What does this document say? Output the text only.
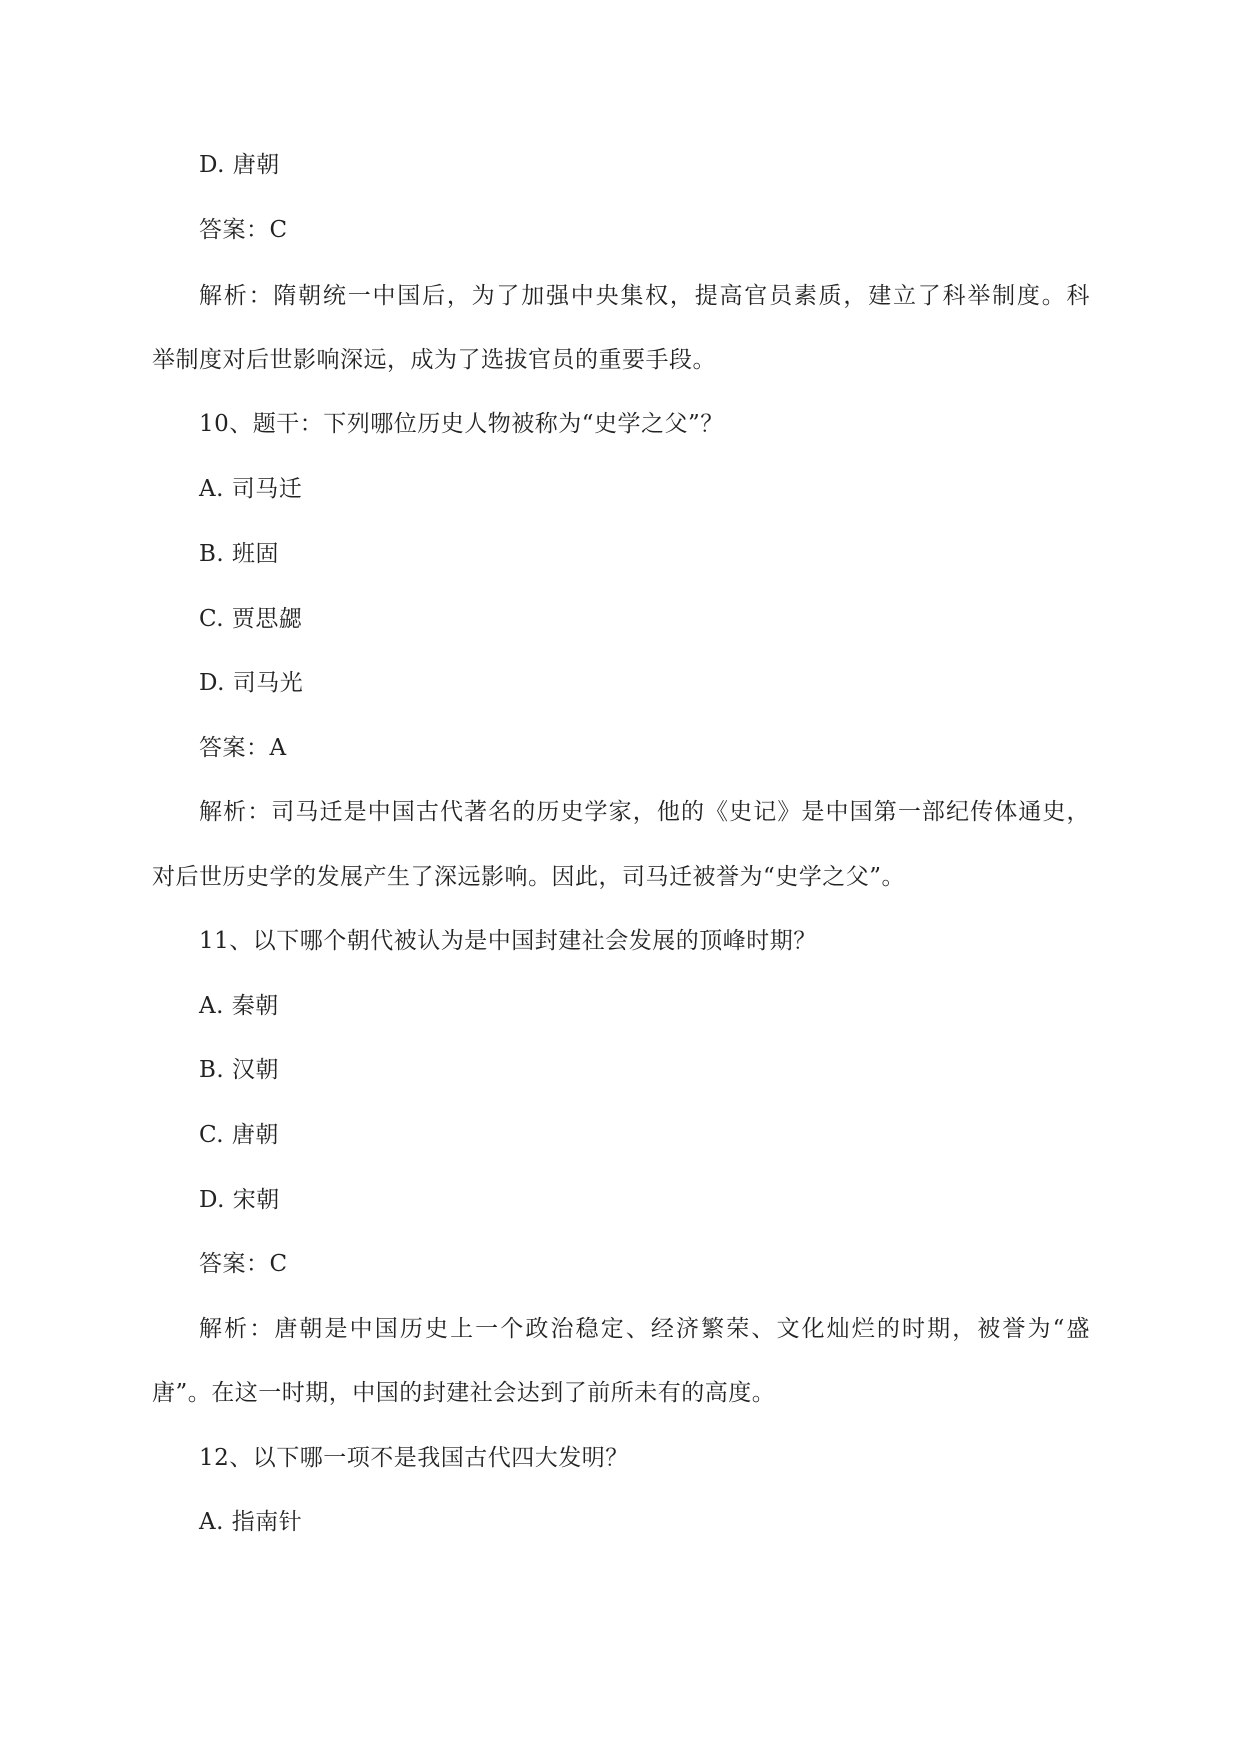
D. 唐朝
答案：C
解析：隋朝统一中国后，为了加强中央集权，提高官员素质，建立了科举制度。科
举制度对后世影响深远，成为了选拔官员的重要手段。
10、题干：下列哪位历史人物被称为“史学之父”？
A. 司马迁
B. 班固
C. 贾思勰
D. 司马光
答案：A
解析：司马迁是中国古代著名的历史学家，他的《史记》是中国第一部纪传体通史，
对后世历史学的发展产生了深远影响。因此，司马迁被誉为“史学之父”。
11、以下哪个朝代被认为是中国封建社会发展的顶峰时期？
A. 秦朝
B. 汉朝
C. 唐朝
D. 宋朝
答案：C
解析：唐朝是中国历史上一个政治稳定、经济繁荣、文化灿烂的时期，被誉为“盛
唐”。在这一时期，中国的封建社会达到了前所未有的高度。
12、以下哪一项不是我国古代四大发明？
A. 指南针
